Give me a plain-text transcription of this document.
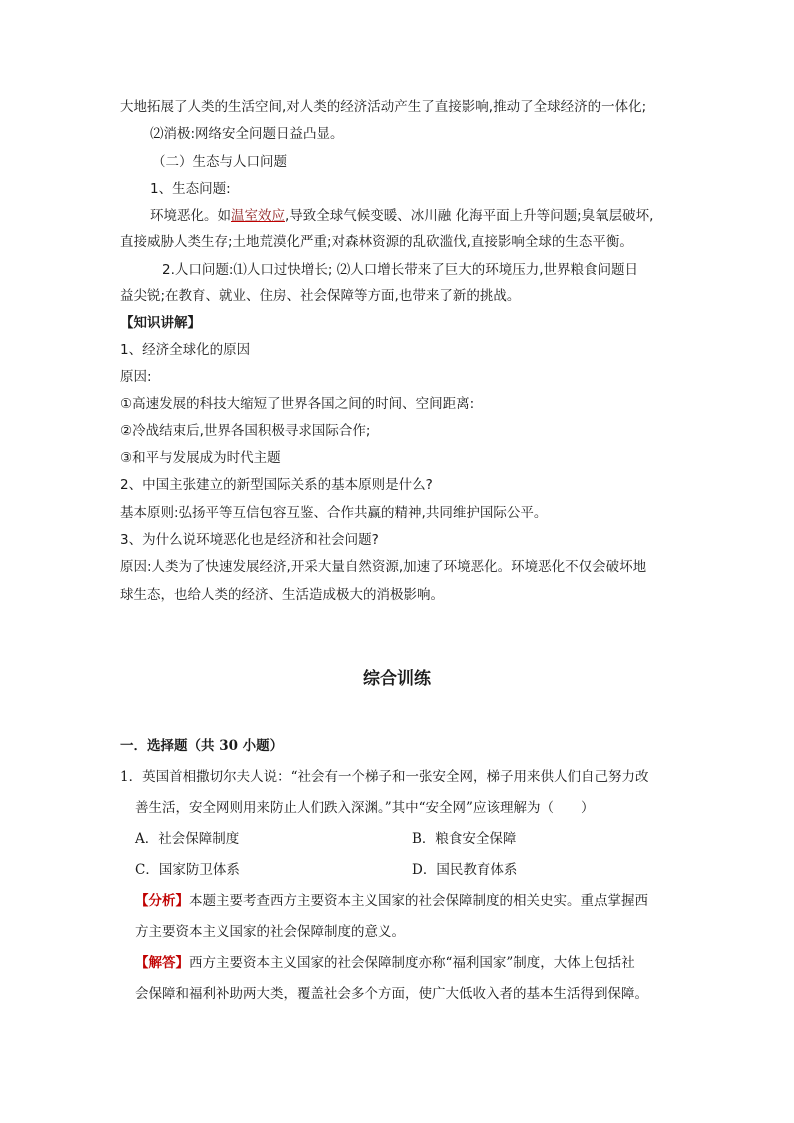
大地拓展了人类的生活空间,对人类的经济活动产生了直接影响,推动了全球经济的一体化;
⑵消极:网络安全问题日益凸显。
（二）生态与人口问题
1、生态问题:
环境恶化。如温室效应,导致全球气候变暖、冰川融 化海平面上升等问题;臭氧层破坏,
直接威胁人类生存;土地荒漠化严重;对森林资源的乱砍滥伐,直接影响全球的生态平衡。
2.人口问题:⑴人口过快增长; ⑵人口增长带来了巨大的环境压力,世界粮食问题日
益尖锐;在教育、就业、住房、社会保障等方面,也带来了新的挑战。
【知识讲解】
1、经济全球化的原因
原因:
①高速发展的科技大缩短了世界各国之间的时间、空间距离:
②冷战结束后,世界各国积极寻求国际合作;
③和平与发展成为时代主题
2、中国主张建立的新型国际关系的基本原则是什么?
基本原则:弘扬平等互信包容互鉴、合作共赢的精神,共同维护国际公平。
3、为什么说环境恶化也是经济和社会问题?
原因:人类为了快速发展经济,开采大量自然资源,加速了环境恶化。环境恶化不仅会破坏地
球生态，也给人类的经济、生活造成极大的消极影响。
综合训练
一．选择题（共 30 小题）
1．英国首相撒切尔夫人说：“社会有一个梯子和一张安全网，梯子用来供人们自己努力改
善生活，安全网则用来防止人们跌入深渊。”其中“安全网”应该理解为（　　）
A．社会保障制度	B．粮食安全保障
C．国家防卫体系	D．国民教育体系
【分析】本题主要考查西方主要资本主义国家的社会保障制度的相关史实。重点掌握西
方主要资本主义国家的社会保障制度的意义。
【解答】西方主要资本主义国家的社会保障制度亦称“福利国家”制度，大体上包括社
会保障和福利补助两大类，覆盖社会多个方面，使广大低收入者的基本生活得到保障。
